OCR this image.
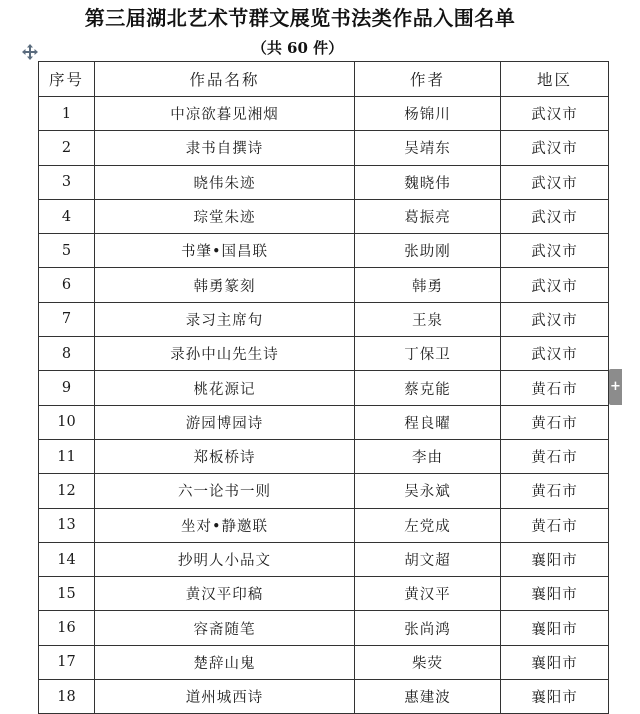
第三届湖北艺术节群文展览书法类作品入围名单
（共 60 件）
+
序号	作品名称	作者	地区
1	中凉欲暮见湘烟	杨锦川	武汉市
2	隶书自撰诗	吴靖东	武汉市
3	晓伟朱迹	魏晓伟	武汉市
4	琮堂朱迹	葛振亮	武汉市
5	书肇•国昌联	张助刚	武汉市
6	韩勇篆刻	韩勇	武汉市
7	录习主席句	王泉	武汉市
8	录孙中山先生诗	丁保卫	武汉市
9	桃花源记	蔡克能	黄石市
10	游园博园诗	程良曜	黄石市
11	郑板桥诗	李由	黄石市
12	六一论书一则	吴永斌	黄石市
13	坐对•静邀联	左党成	黄石市
14	抄明人小品文	胡文超	襄阳市
15	黄汉平印稿	黄汉平	襄阳市
16	容斋随笔	张尚鸿	襄阳市
17	楚辞山鬼	柴荧	襄阳市
18	道州城西诗	惠建波	襄阳市
